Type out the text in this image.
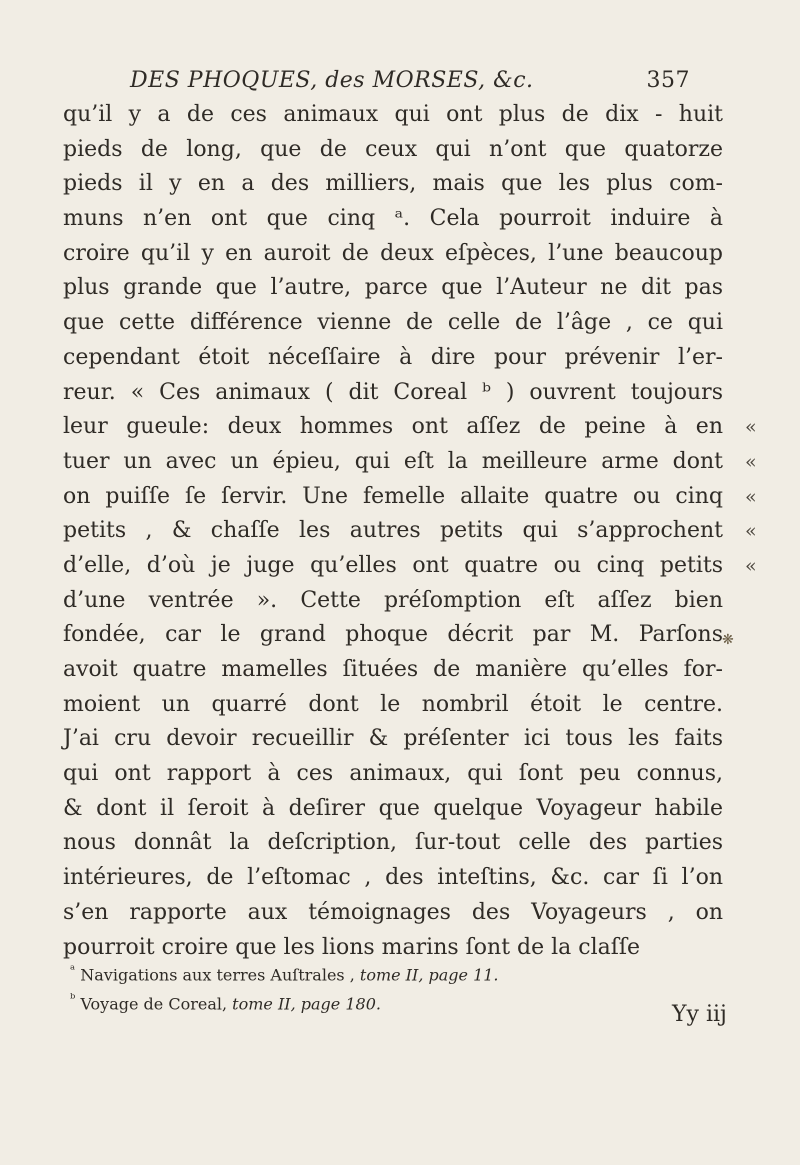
DES PHOQUES, des MORSES, &c.	357
qu’il y a de ces animaux qui ont plus de dix - huit
pieds de long, que de ceux qui n’ont que quatorze
pieds il y en a des milliers, mais que les plus com-
muns n’en ont que cinq ᵃ. Cela pourroit induire à
croire qu’il y en auroit de deux eſpèces, l’une beaucoup
plus grande que l’autre, parce que l’Auteur ne dit pas
que cette différence vienne de celle de l’âge , ce qui
cependant étoit néceſſaire à dire pour prévenir l’er-
reur. « Ces animaux ( dit Coreal ᵇ ) ouvrent toujours
leur gueule: deux hommes ont aſſez de peine à en «
tuer un avec un épieu, qui eſt la meilleure arme dont «
on puiſſe ſe ſervir. Une femelle allaite quatre ou cinq «
petits , & chaſſe les autres petits qui s’approchent «
d’elle, d’où je juge qu’elles ont quatre ou cinq petits «
d’une ventrée ». Cette préſomption eſt aſſez bien
fondée, car le grand phoque décrit par M. Parſons
avoit quatre mamelles ſituées de manière qu’elles for-
moient un quarré dont le nombril étoit le centre.
J’ai cru devoir recueillir & préſenter ici tous les faits
qui ont rapport à ces animaux, qui ſont peu connus,
& dont il ſeroit à deſirer que quelque Voyageur habile
nous donnât la deſcription, ſur-tout celle des parties
intérieures, de l’eſtomac , des inteſtins, &c. car ſi l’on
s’en rapporte aux témoignages des Voyageurs , on
pourroit croire que les lions marins ſont de la claſſe
❋
$^ᵃ$ Navigations aux terres Auſtrales , tome II, page 11.
$^ᵇ$ Voyage de Coreal, tome II, page 180.	Yy iij
